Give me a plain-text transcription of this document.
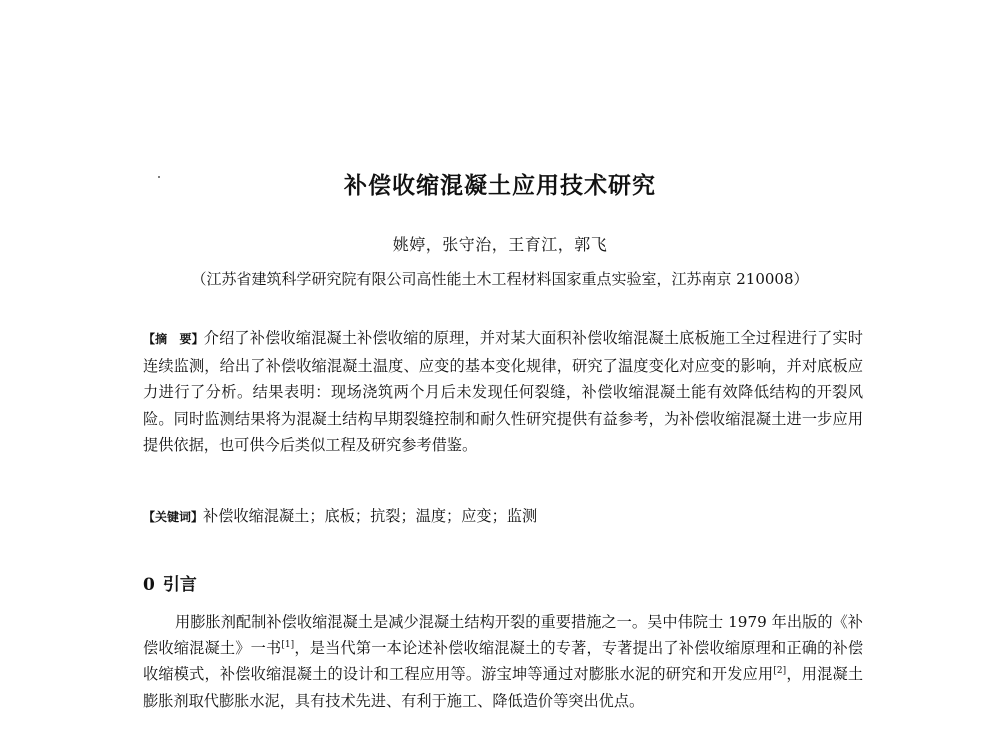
补偿收缩混凝土应用技术研究
姚婷，张守治，王育江，郭飞
（江苏省建筑科学研究院有限公司高性能土木工程材料国家重点实验室，江苏南京 210008）

【摘　要】介绍了补偿收缩混凝土补偿收缩的原理，并对某大面积补偿收缩混凝土底板施工全过程进行了实时连续监测，给出了补偿收缩混凝土温度、应变的基本变化规律，研究了温度变化对应变的影响，并对底板应力进行了分析。结果表明：现场浇筑两个月后未发现任何裂缝，补偿收缩混凝土能有效降低结构的开裂风险。同时监测结果将为混凝土结构早期裂缝控制和耐久性研究提供有益参考，为补偿收缩混凝土进一步应用提供依据，也可供今后类似工程及研究参考借鉴。

【关键词】补偿收缩混凝土；底板；抗裂；温度；应变；监测

0 引言

用膨胀剂配制补偿收缩混凝土是减少混凝土结构开裂的重要措施之一。吴中伟院士 1979 年出版的《补偿收缩混凝土》一书[1]，是当代第一本论述补偿收缩混凝土的专著，专著提出了补偿收缩原理和正确的补偿收缩模式，补偿收缩混凝土的设计和工程应用等。游宝坤等通过对膨胀水泥的研究和开发应用[2]，用混凝土膨胀剂取代膨胀水泥，具有技术先进、有利于施工、降低造价等突出优点。
